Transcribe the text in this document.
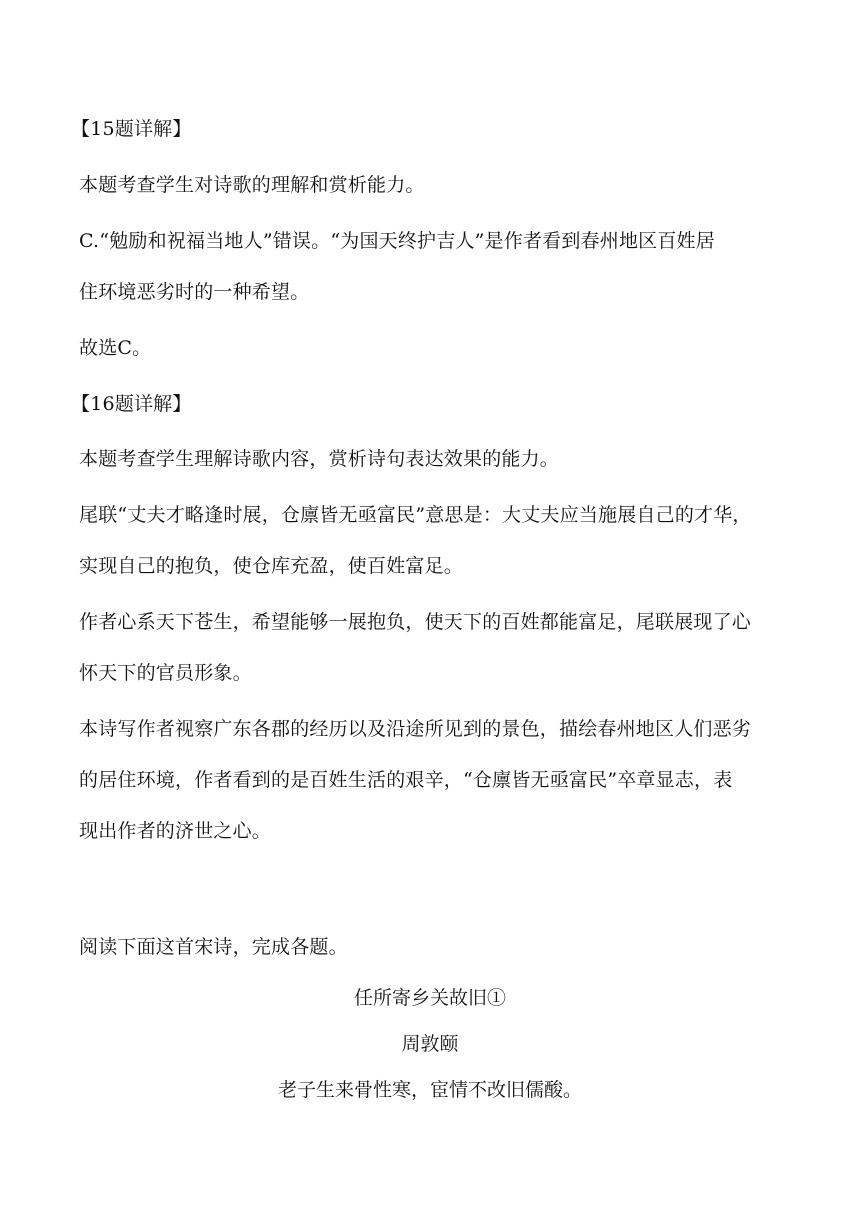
【15题详解】
本题考查学生对诗歌的理解和赏析能力。
C.“勉励和祝福当地人”错误。“为国天终护吉人”是作者看到春州地区百姓居
住环境恶劣时的一种希望。
故选C。
【16题详解】
本题考查学生理解诗歌内容，赏析诗句表达效果的能力。
尾联“丈夫才略逢时展，仓廪皆无亟富民”意思是：大丈夫应当施展自己的才华，
实现自己的抱负，使仓库充盈，使百姓富足。
作者心系天下苍生，希望能够一展抱负，使天下的百姓都能富足，尾联展现了心
怀天下的官员形象。
本诗写作者视察广东各郡的经历以及沿途所见到的景色，描绘春州地区人们恶劣
的居住环境，作者看到的是百姓生活的艰辛，“仓廪皆无亟富民”卒章显志，表
现出作者的济世之心。
阅读下面这首宋诗，完成各题。
任所寄乡关故旧①
周敦颐
老子生来骨性寒，宦情不改旧儒酸。
